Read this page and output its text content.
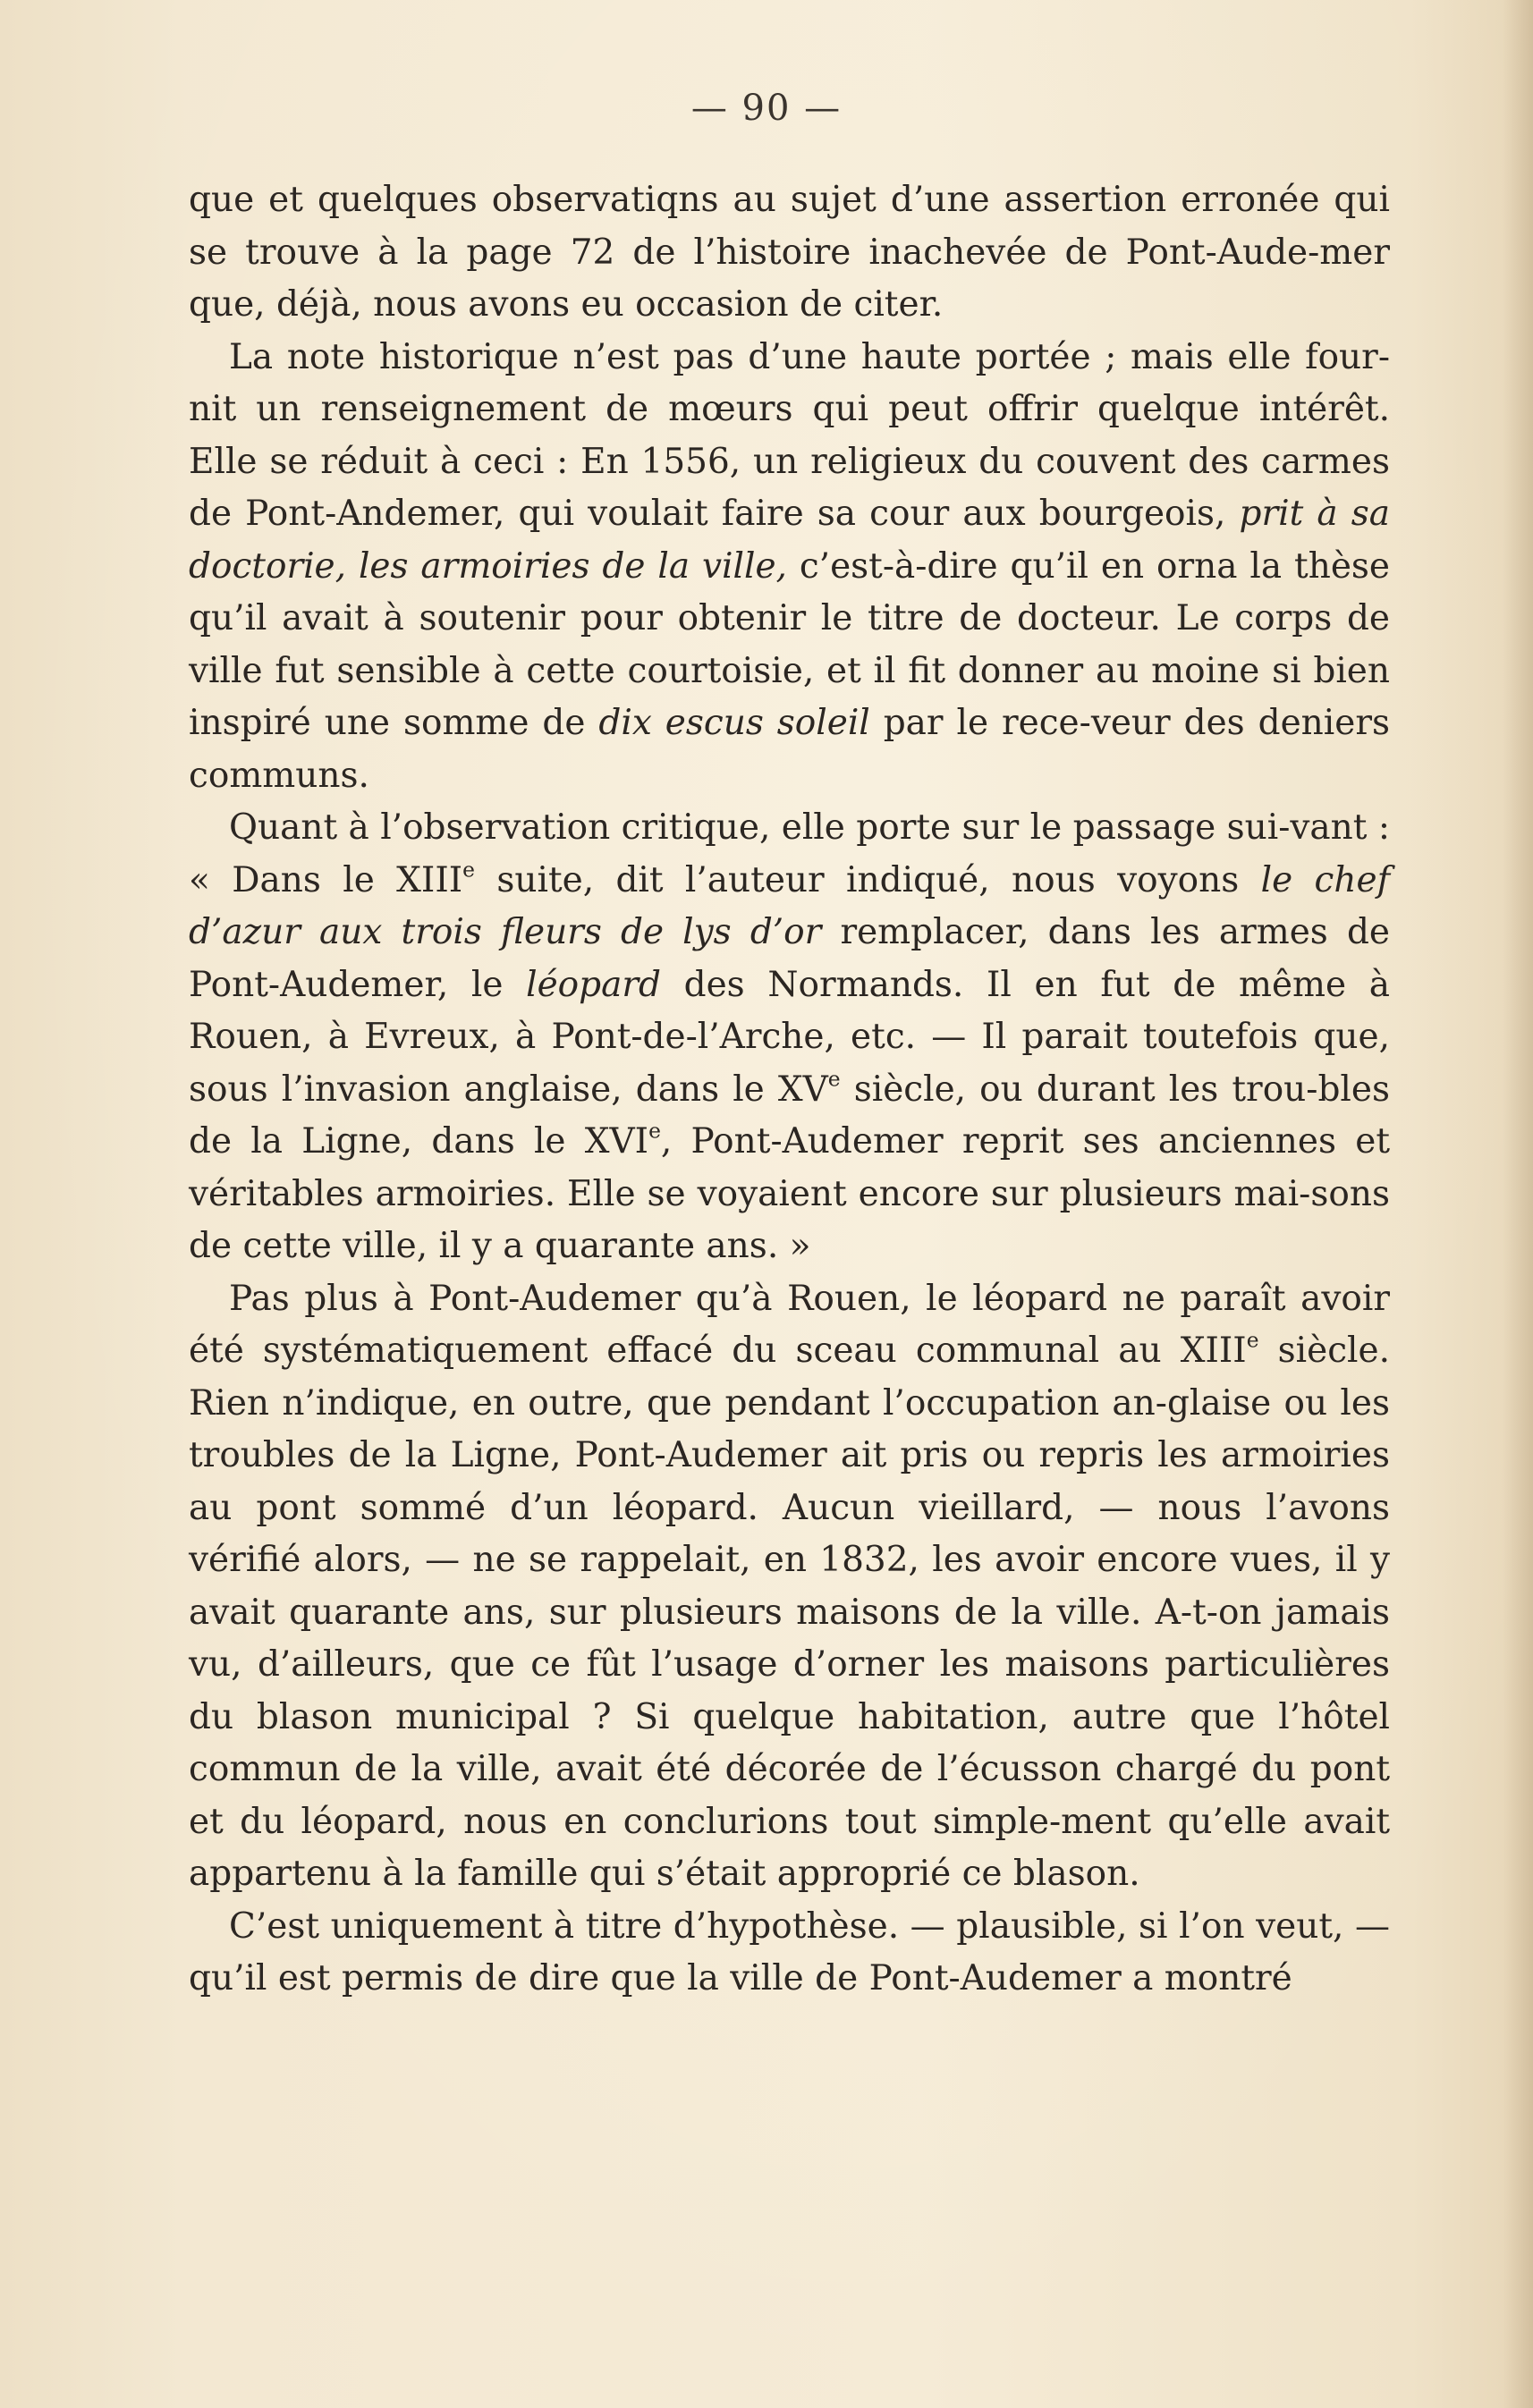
— 90 —

que et quelques observatiqns au sujet d’une assertion erronée qui se trouve à la page 72 de l’histoire inachevée de Pont-Aude-mer que, déjà, nous avons eu occasion de citer.

La note historique n’est pas d’une haute portée ; mais elle four-nit un renseignement de mœurs qui peut offrir quelque intérêt. Elle se réduit à ceci : En 1556, un religieux du couvent des carmes de Pont-Andemer, qui voulait faire sa cour aux bourgeois, prit à sa doctorie, les armoiries de la ville, c’est-à-dire qu’il en orna la thèse qu’il avait à soutenir pour obtenir le titre de docteur. Le corps de ville fut sensible à cette courtoisie, et il fit donner au moine si bien inspiré une somme de dix escus soleil par le rece-veur des deniers communs.

Quant à l’observation critique, elle porte sur le passage sui-vant : « Dans le XIIIe suite, dit l’auteur indiqué, nous voyons le chef d’azur aux trois fleurs de lys d’or remplacer, dans les armes de Pont-Audemer, le léopard des Normands. Il en fut de même à Rouen, à Evreux, à Pont-de-l’Arche, etc. — Il parait toutefois que, sous l’invasion anglaise, dans le XVe siècle, ou durant les trou-bles de la Ligne, dans le XVIe, Pont-Audemer reprit ses anciennes et véritables armoiries. Elle se voyaient encore sur plusieurs mai-sons de cette ville, il y a quarante ans. »

Pas plus à Pont-Audemer qu’à Rouen, le léopard ne paraît avoir été systématiquement effacé du sceau communal au XIIIe siècle. Rien n’indique, en outre, que pendant l’occupation an-glaise ou les troubles de la Ligne, Pont-Audemer ait pris ou repris les armoiries au pont sommé d’un léopard. Aucun vieillard, — nous l’avons vérifié alors, — ne se rappelait, en 1832, les avoir encore vues, il y avait quarante ans, sur plusieurs maisons de la ville. A-t-on jamais vu, d’ailleurs, que ce fût l’usage d’orner les maisons particulières du blason municipal ? Si quelque habitation, autre que l’hôtel commun de la ville, avait été décorée de l’écusson chargé du pont et du léopard, nous en conclurions tout simple-ment qu’elle avait appartenu à la famille qui s’était approprié ce blason.

C’est uniquement à titre d’hypothèse. — plausible, si l’on veut, — qu’il est permis de dire que la ville de Pont-Audemer a montré
